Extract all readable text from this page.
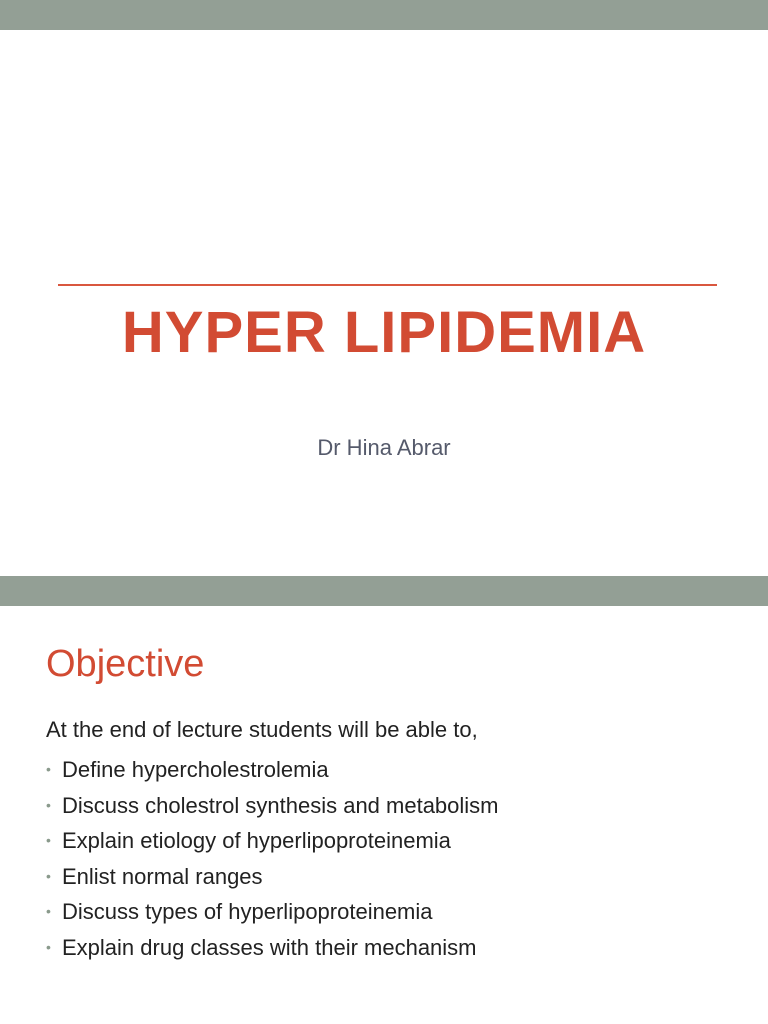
HYPER LIPIDEMIA
Dr Hina Abrar
Objective
At the end of lecture students will be able to,
• Define hypercholestrolemia
• Discuss cholestrol synthesis and metabolism
• Explain etiology of hyperlipoproteinemia
• Enlist normal ranges
• Discuss types of hyperlipoproteinemia
• Explain drug classes with their mechanism
